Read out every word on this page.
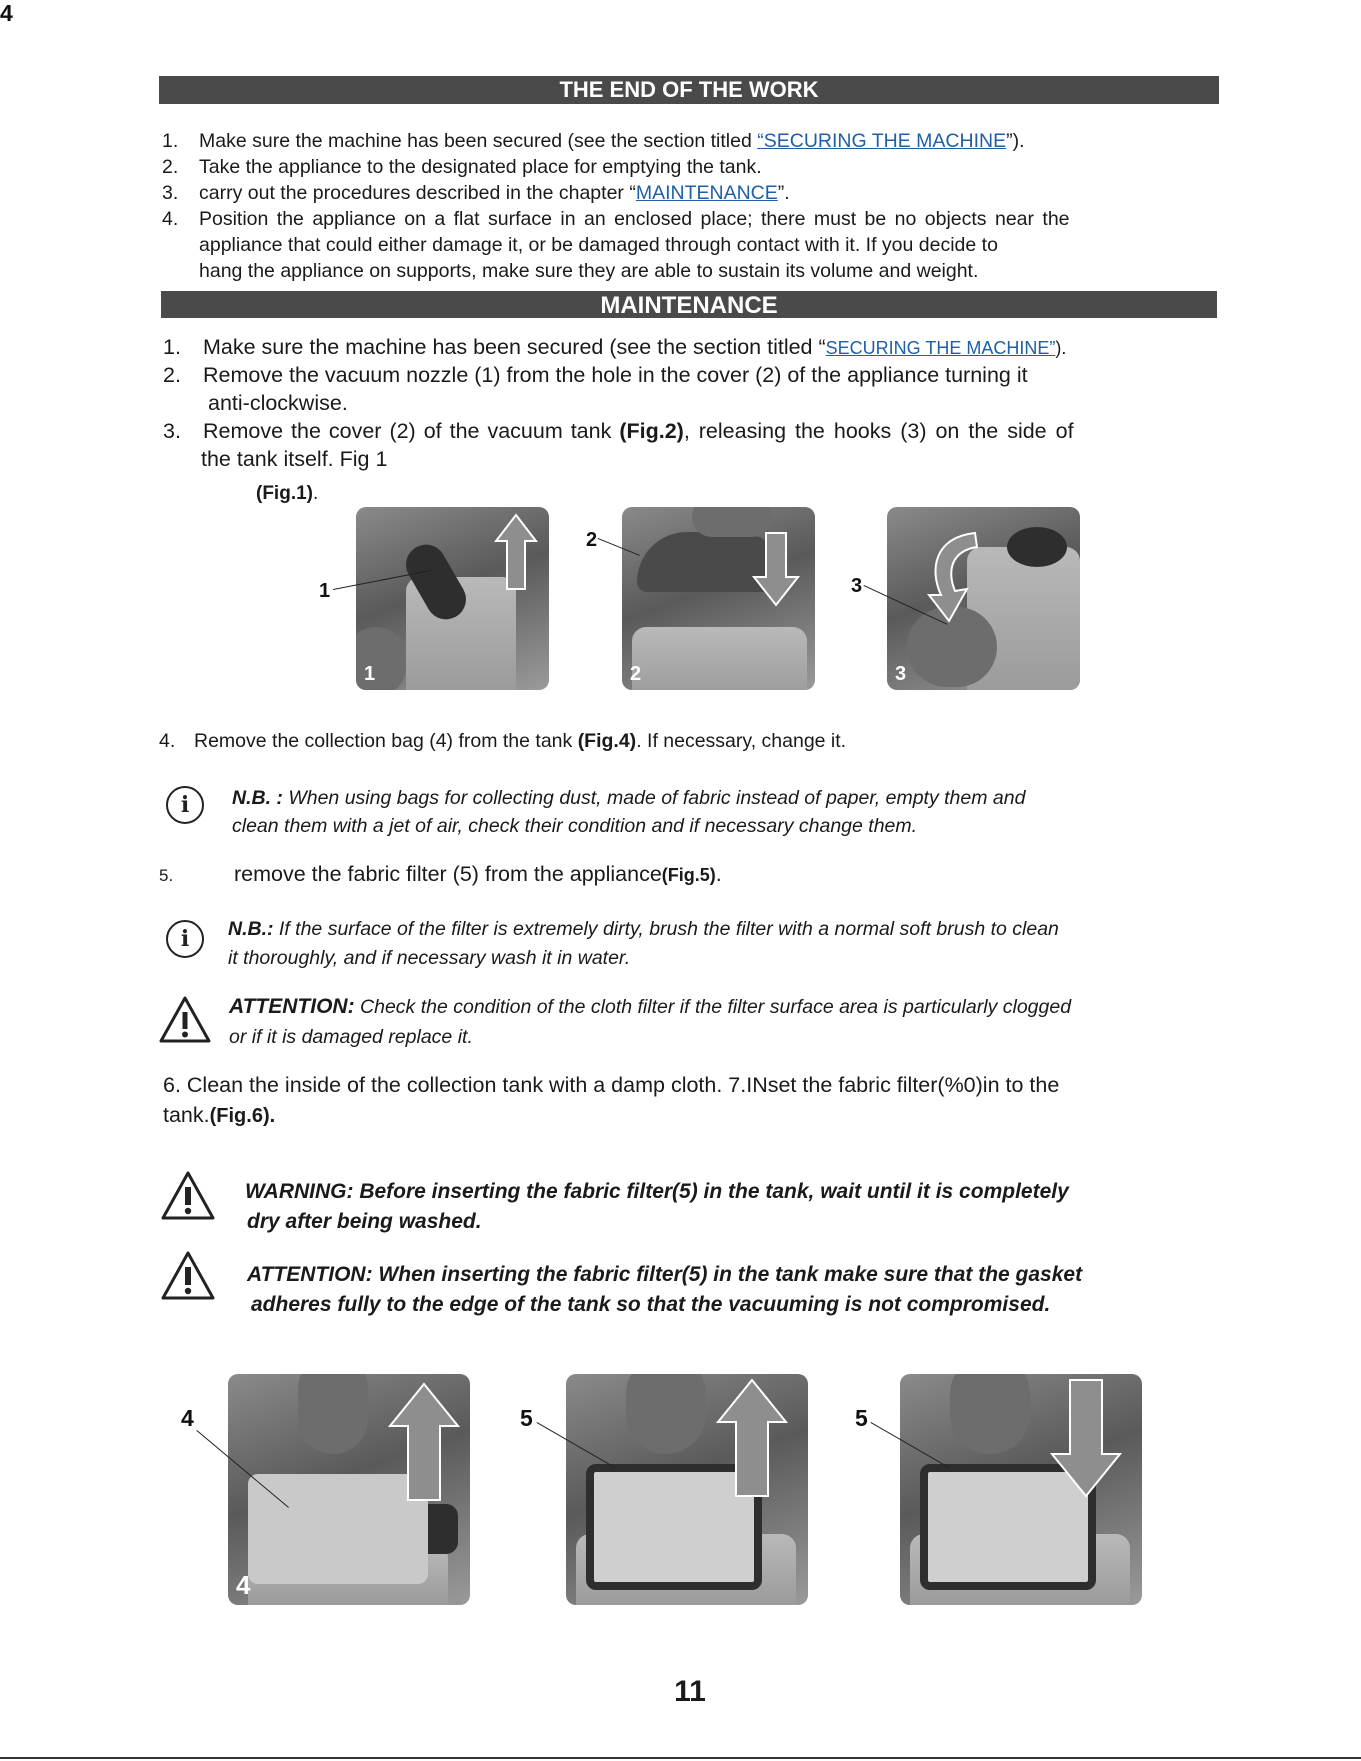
THE END OF THE WORK
1. Make sure the machine has been secured (see the section titled “SECURING THE MACHINE”).
2. Take the appliance to the designated place for emptying the tank.
3. carry out the procedures described in the chapter “MAINTENANCE”.
4. Position the appliance on a flat surface in an enclosed place; there must be no objects near the
appliance that could either damage it, or be damaged through contact with it. If you decide to
hang the appliance on supports, make sure they are able to sustain its volume and weight.
MAINTENANCE
1. Make sure the machine has been secured (see the section titled “SECURING THE MACHINE”).
2. Remove the vacuum nozzle (1) from the hole in the cover (2) of the appliance turning it
anti-clockwise.
3. Remove the cover (2) of the vacuum tank (Fig.2), releasing the hooks (3) on the side of
the tank itself. Fig 1
(Fig.1).
1
1
2
2
3
3
4. Remove the collection bag (4) from the tank (Fig.4). If necessary, change it.
i	N.B. : When using bags for collecting dust, made of fabric instead of paper, empty them and
clean them with a jet of air, check their condition and if necessary change them.
5.	remove the fabric filter (5) from the appliance(Fig.5).
i	N.B.: If the surface of the filter is extremely dirty, brush the filter with a normal soft brush to clean
it thoroughly, and if necessary wash it in water.
ATTENTION: Check the condition of the cloth filter if the filter surface area is particularly clogged
or if it is damaged replace it.
6. Clean the inside of the collection tank with a damp cloth. 7.INset the fabric filter(%0)in to the
tank.(Fig.6).
WARNING: Before inserting the fabric filter(5) in the tank, wait until it is completely
dry after being washed.
ATTENTION: When inserting the fabric filter(5) in the tank make sure that the gasket
adheres fully to the edge of the tank so that the vacuuming is not compromised.
4
4
4	5	5
11
